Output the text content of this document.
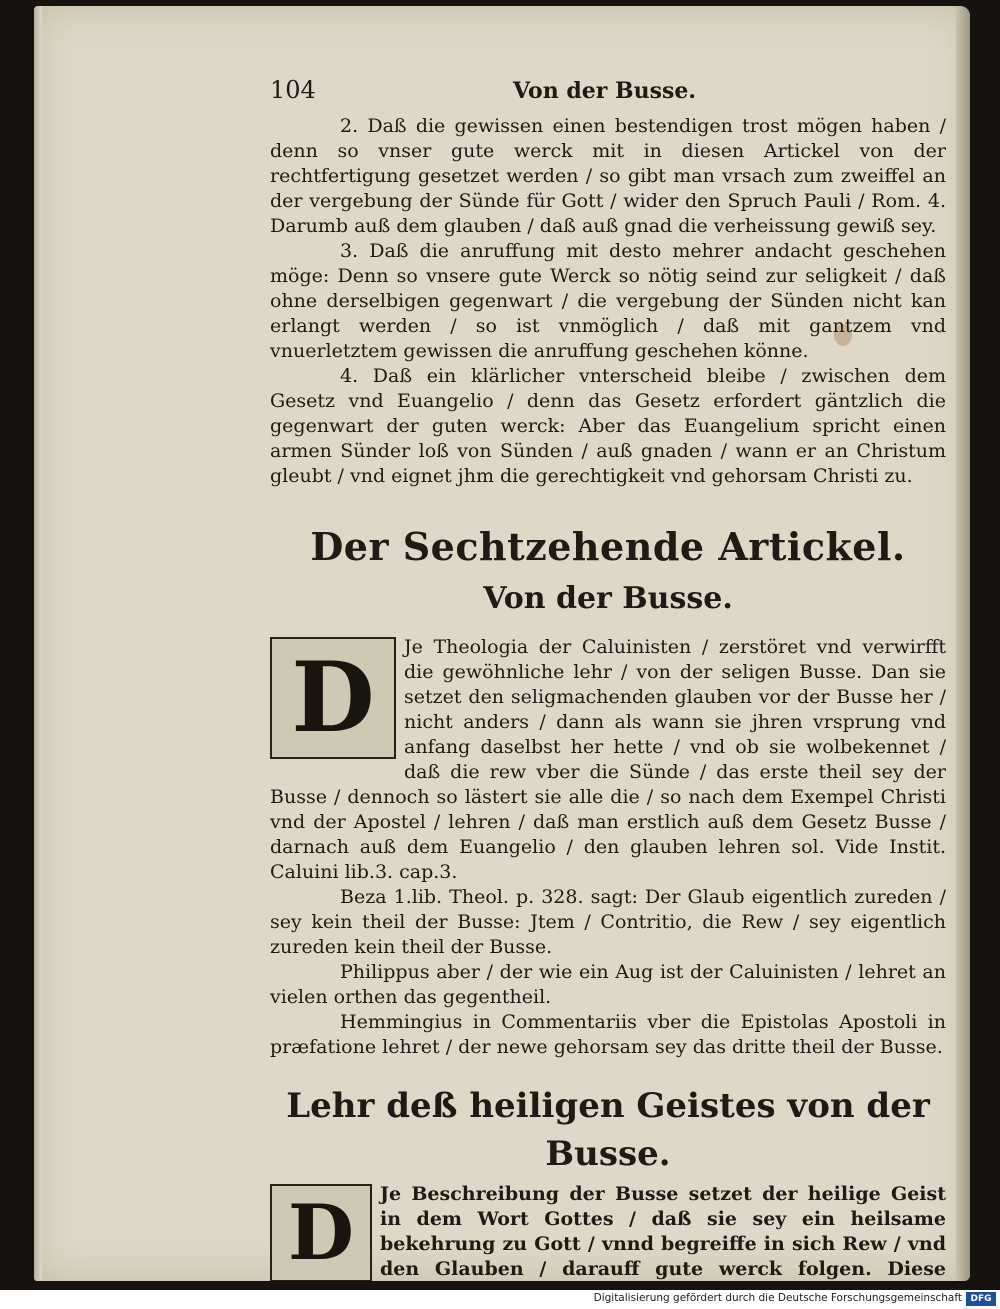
104	Von der Busse.

2. Daß die gewissen einen bestendigen trost mögen haben / denn so vnser gute werck mit in diesen Artickel von der rechtfertigung gesetzet werden / so gibt man vrsach zum zweiffel an der vergebung der Sünde für Gott / wider den Spruch Pauli / Rom. 4. Darumb auß dem glauben / daß auß gnad die verheissung gewiß sey.

3. Daß die anruffung mit desto mehrer andacht geschehen möge: Denn so vnsere gute Werck so nötig seind zur seligkeit / daß ohne derselbigen gegenwart / die vergebung der Sünden nicht kan erlangt werden / so ist vnmöglich / daß mit gantzem vnd vnuerletztem gewissen die anruffung geschehen könne.

4. Daß ein klärlicher vnterscheid bleibe / zwischen dem Gesetz vnd Euangelio / denn das Gesetz erfordert gäntzlich die gegenwart der guten werck: Aber das Euangelium spricht einen armen Sünder loß von Sünden / auß gnaden / wann er an Christum gleubt / vnd eignet jhm die gerechtigkeit vnd gehorsam Christi zu.

Der Sechtzehende Artickel.
Von der Busse.
D	Je Theologia der Caluinisten / zerstöret vnd verwirfft die gewöhnliche lehr / von der seligen Busse. Dan sie setzet den seligmachenden glauben vor der Busse her / nicht anders / dann als wann sie jhren vrsprung vnd anfang daselbst her hette / vnd ob sie wolbekennet / daß die rew vber die Sünde / das erste theil sey der Busse / dennoch so lästert sie alle die / so nach dem Exempel Christi vnd der Apostel / lehren / daß man erstlich auß dem Gesetz Busse / darnach auß dem Euangelio / den glauben lehren sol. Vide Instit. Caluini lib.3. cap.3.

Beza 1.lib. Theol. p. 328. sagt: Der Glaub eigentlich zureden / sey kein theil der Busse: Jtem / Contritio, die Rew / sey eigentlich zureden kein theil der Busse.

Philippus aber / der wie ein Aug ist der Caluinisten / lehret an vielen orthen das gegentheil.

Hemmingius in Commentariis vber die Epistolas Apostoli in præfatione lehret / der newe gehorsam sey das dritte theil der Busse.

Lehr deß heiligen Geistes von der Busse.
D	Je Beschreibung der Busse setzet der heilige Geist in dem Wort Gottes / daß sie sey ein heilsame bekehrung zu Gott / vnnd begreiffe in sich Rew / vnd den Glauben / darauff gute werck folgen. Diese

Digitalisierung gefördert durch die Deutsche Forschungsgemeinschaft DFG
